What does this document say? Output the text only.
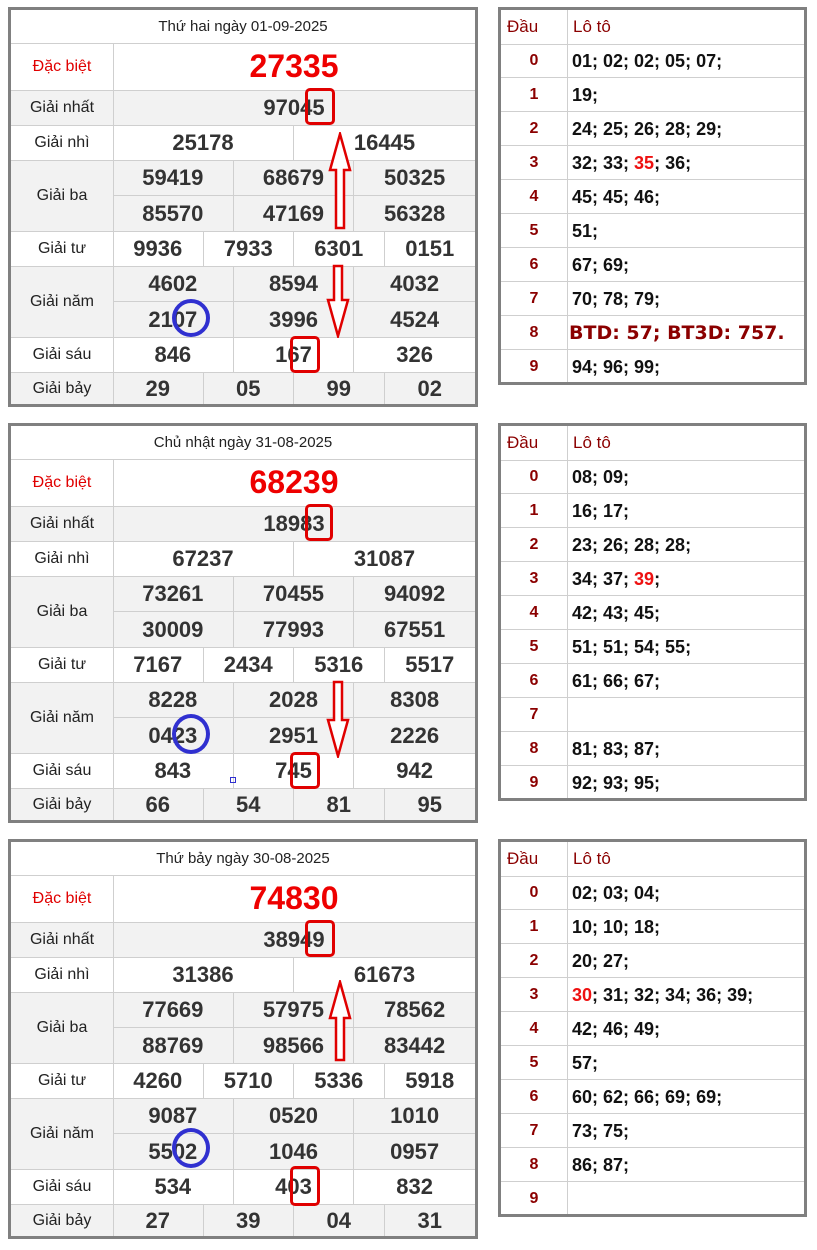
Thứ hai ngày 01-09-2025
Đặc biệt	27335
Giải nhất	97045
Giải nhì	25178	16445
Giải ba
59419	68679	50325
85570	47169	56328
Giải tư	9936	7933	6301	0151
Giải năm
4602	8594	4032
2107	3996	4524
Giải sáu	846	167	326
Giải bảy	29	05	99	02
Đầu Lô tô
0	01; 02; 02; 05; 07;
1	19;
2	24; 25; 26; 28; 29;
3	32; 33; 35; 36;
4	45; 45; 46;
5	51;
6	67; 69;
7	70; 78; 79;
8	BTD: 57; BT3D: 757.
9	94; 96; 99;
Chủ nhật ngày 31-08-2025
Đặc biệt	68239
Giải nhất	18983
Giải nhì	67237	31087
Giải ba
73261	70455	94092
30009	77993	67551
Giải tư	7167	2434	5316	5517
Giải năm
8228	2028	8308
0423	2951	2226
Giải sáu	843	745	942
Giải bảy	66	54	81	95
Đầu Lô tô
0	08; 09;
1	16; 17;
2	23; 26; 28; 28;
3	34; 37; 39;
4	42; 43; 45;
5	51; 51; 54; 55;
6	61; 66; 67;
7
8	81; 83; 87;
9	92; 93; 95;
Thứ bảy ngày 30-08-2025
Đặc biệt	74830
Giải nhất	38949
Giải nhì	31386	61673
Giải ba
77669	57975	78562
88769	98566	83442
Giải tư	4260	5710	5336	5918
Giải năm
9087	0520	1010
5502	1046	0957
Giải sáu	534	403	832
Giải bảy	27	39	04	31
Đầu Lô tô
0	02; 03; 04;
1	10; 10; 18;
2	20; 27;
3	30; 31; 32; 34; 36; 39;
4	42; 46; 49;
5	57;
6	60; 62; 66; 69; 69;
7	73; 75;
8	86; 87;
9
